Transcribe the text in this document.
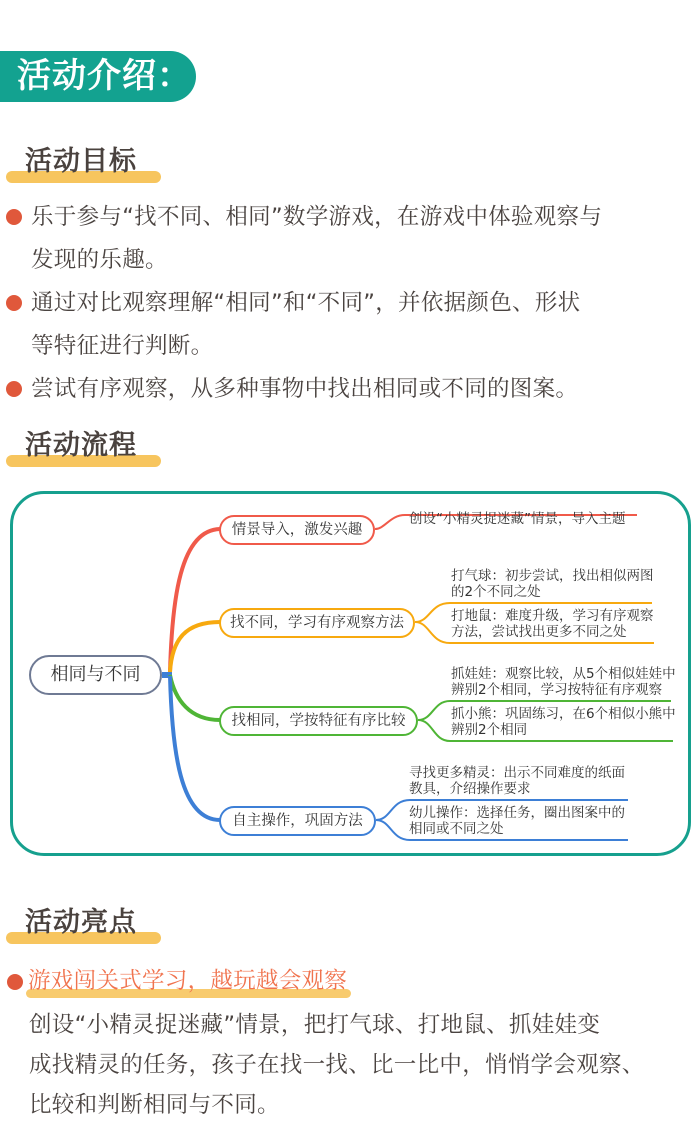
活动介绍：
活动目标
乐于参与“找不同、相同”数学游戏，在游戏中体验观察与
发现的乐趣。
通过对比观察理解“相同”和“不同”，并依据颜色、形状
等特征进行判断。
尝试有序观察，从多种事物中找出相同或不同的图案。
活动流程
相同与不同
情景导入，激发兴趣
找不同，学习有序观察方法
找相同，学按特征有序比较
自主操作，巩固方法
创设“小精灵捉迷藏”情景，导入主题
打气球：初步尝试，找出相似两图
的2个不同之处
打地鼠：难度升级，学习有序观察
方法，尝试找出更多不同之处
抓娃娃：观察比较，从5个相似娃娃中
辨别2个相同，学习按特征有序观察
抓小熊：巩固练习，在6个相似小熊中
辨别2个相同
寻找更多精灵：出示不同难度的纸面
教具，介绍操作要求
幼儿操作：选择任务，圈出图案中的
相同或不同之处
活动亮点
游戏闯关式学习，越玩越会观察
创设“小精灵捉迷藏”情景，把打气球、打地鼠、抓娃娃变
成找精灵的任务，孩子在找一找、比一比中，悄悄学会观察、
比较和判断相同与不同。
